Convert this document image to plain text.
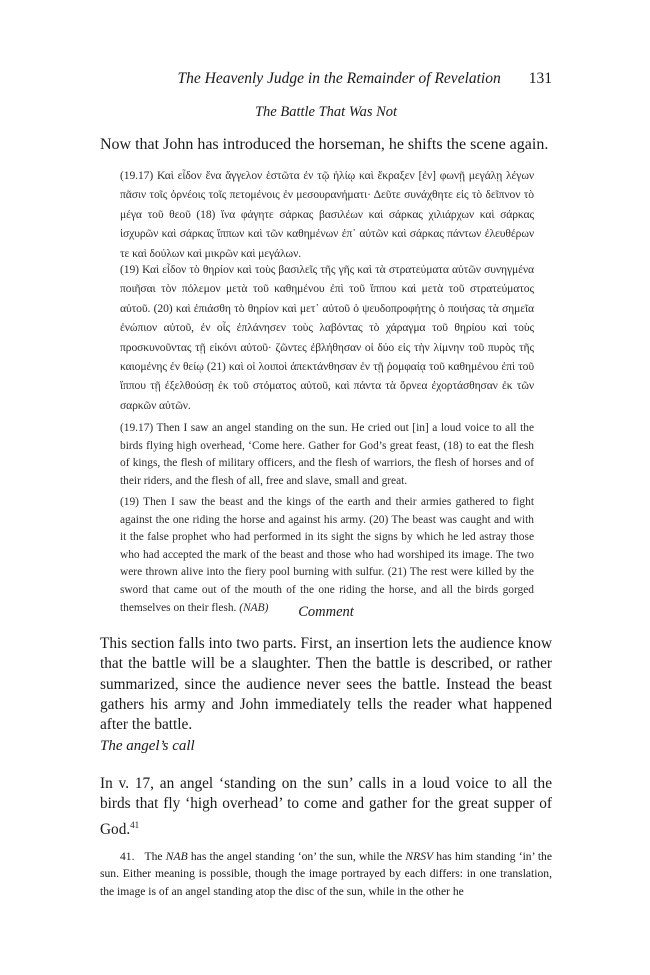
The Heavenly Judge in the Remainder of Revelation 131
The Battle That Was Not

Now that John has introduced the horseman, he shifts the scene again.

(19.17) Καὶ εἶδον ἕνα ἄγγελον ἑστῶτα ἐν τῷ ἡλίῳ καὶ ἔκραξεν [ἐν] φωνῇ μεγάλῃ λέγων πᾶσιν τοῖς ὀρνέοις τοῖς πετομένοις ἐν μεσουρανήματι· Δεῦτε συνάχθητε εἰς τὸ δεῖπνον τὸ μέγα τοῦ θεοῦ (18) ἵνα φάγητε σάρκας βασιλέων καὶ σάρκας χιλιάρχων καὶ σάρκας ἰσχυρῶν καὶ σάρκας ἵππων καὶ τῶν καθημένων ἐπ᾽ αὐτῶν καὶ σάρκας πάντων ἐλευθέρων τε καὶ δούλων καὶ μικρῶν καὶ μεγάλων.

(19) Καὶ εἶδον τὸ θηρίον καὶ τοὺς βασιλεῖς τῆς γῆς καὶ τὰ στρατεύματα αὐτῶν συνηγμένα ποιῆσαι τὸν πόλεμον μετὰ τοῦ καθημένου ἐπὶ τοῦ ἵππου καὶ μετὰ τοῦ στρατεύματος αὐτοῦ. (20) καὶ ἐπιάσθη τὸ θηρίον καὶ μετ᾽ αὐτοῦ ὁ ψευδοπροφήτης ὁ ποιήσας τὰ σημεῖα ἐνώπιον αὐτοῦ, ἐν οἷς ἐπλάνησεν τοὺς λαβόντας τὸ χάραγμα τοῦ θηρίου καὶ τοὺς προσκυνοῦντας τῇ εἰκόνι αὐτοῦ· ζῶντες ἐβλήθησαν οἱ δύο εἰς τὴν λίμνην τοῦ πυρὸς τῆς καιομένης ἐν θείῳ (21) καὶ οἱ λοιποὶ ἀπεκτάνθησαν ἐν τῇ ῥομφαίᾳ τοῦ καθημένου ἐπὶ τοῦ ἵππου τῇ ἐξελθούσῃ ἐκ τοῦ στόματος αὐτοῦ, καὶ πάντα τὰ ὄρνεα ἐχορτάσθησαν ἐκ τῶν σαρκῶν αὐτῶν.

(19.17) Then I saw an angel standing on the sun. He cried out [in] a loud voice to all the birds flying high overhead, ‘Come here. Gather for God’s great feast, (18) to eat the flesh of kings, the flesh of military officers, and the flesh of warriors, the flesh of horses and of their riders, and the flesh of all, free and slave, small and great.

(19) Then I saw the beast and the kings of the earth and their armies gathered to fight against the one riding the horse and against his army. (20) The beast was caught and with it the false prophet who had performed in its sight the signs by which he led astray those who had accepted the mark of the beast and those who had worshiped its image. The two were thrown alive into the fiery pool burning with sulfur. (21) The rest were killed by the sword that came out of the mouth of the one riding the horse, and all the birds gorged themselves on their flesh. (NAB)	Comment

This section falls into two parts. First, an insertion lets the audience know that the battle will be a slaughter. Then the battle is described, or rather summarized, since the audience never sees the battle. Instead the beast gathers his army and John immediately tells the reader what happened after the battle.

The angel’s call

In v. 17, an angel ‘standing on the sun’ calls in a loud voice to all the birds that fly ‘high overhead’ to come and gather for the great supper of God.$^{41}$

41. The NAB has the angel standing ‘on’ the sun, while the NRSV has him standing ‘in’ the sun. Either meaning is possible, though the image portrayed by each differs: in one translation, the image is of an angel standing atop the disc of the sun, while in the other he
